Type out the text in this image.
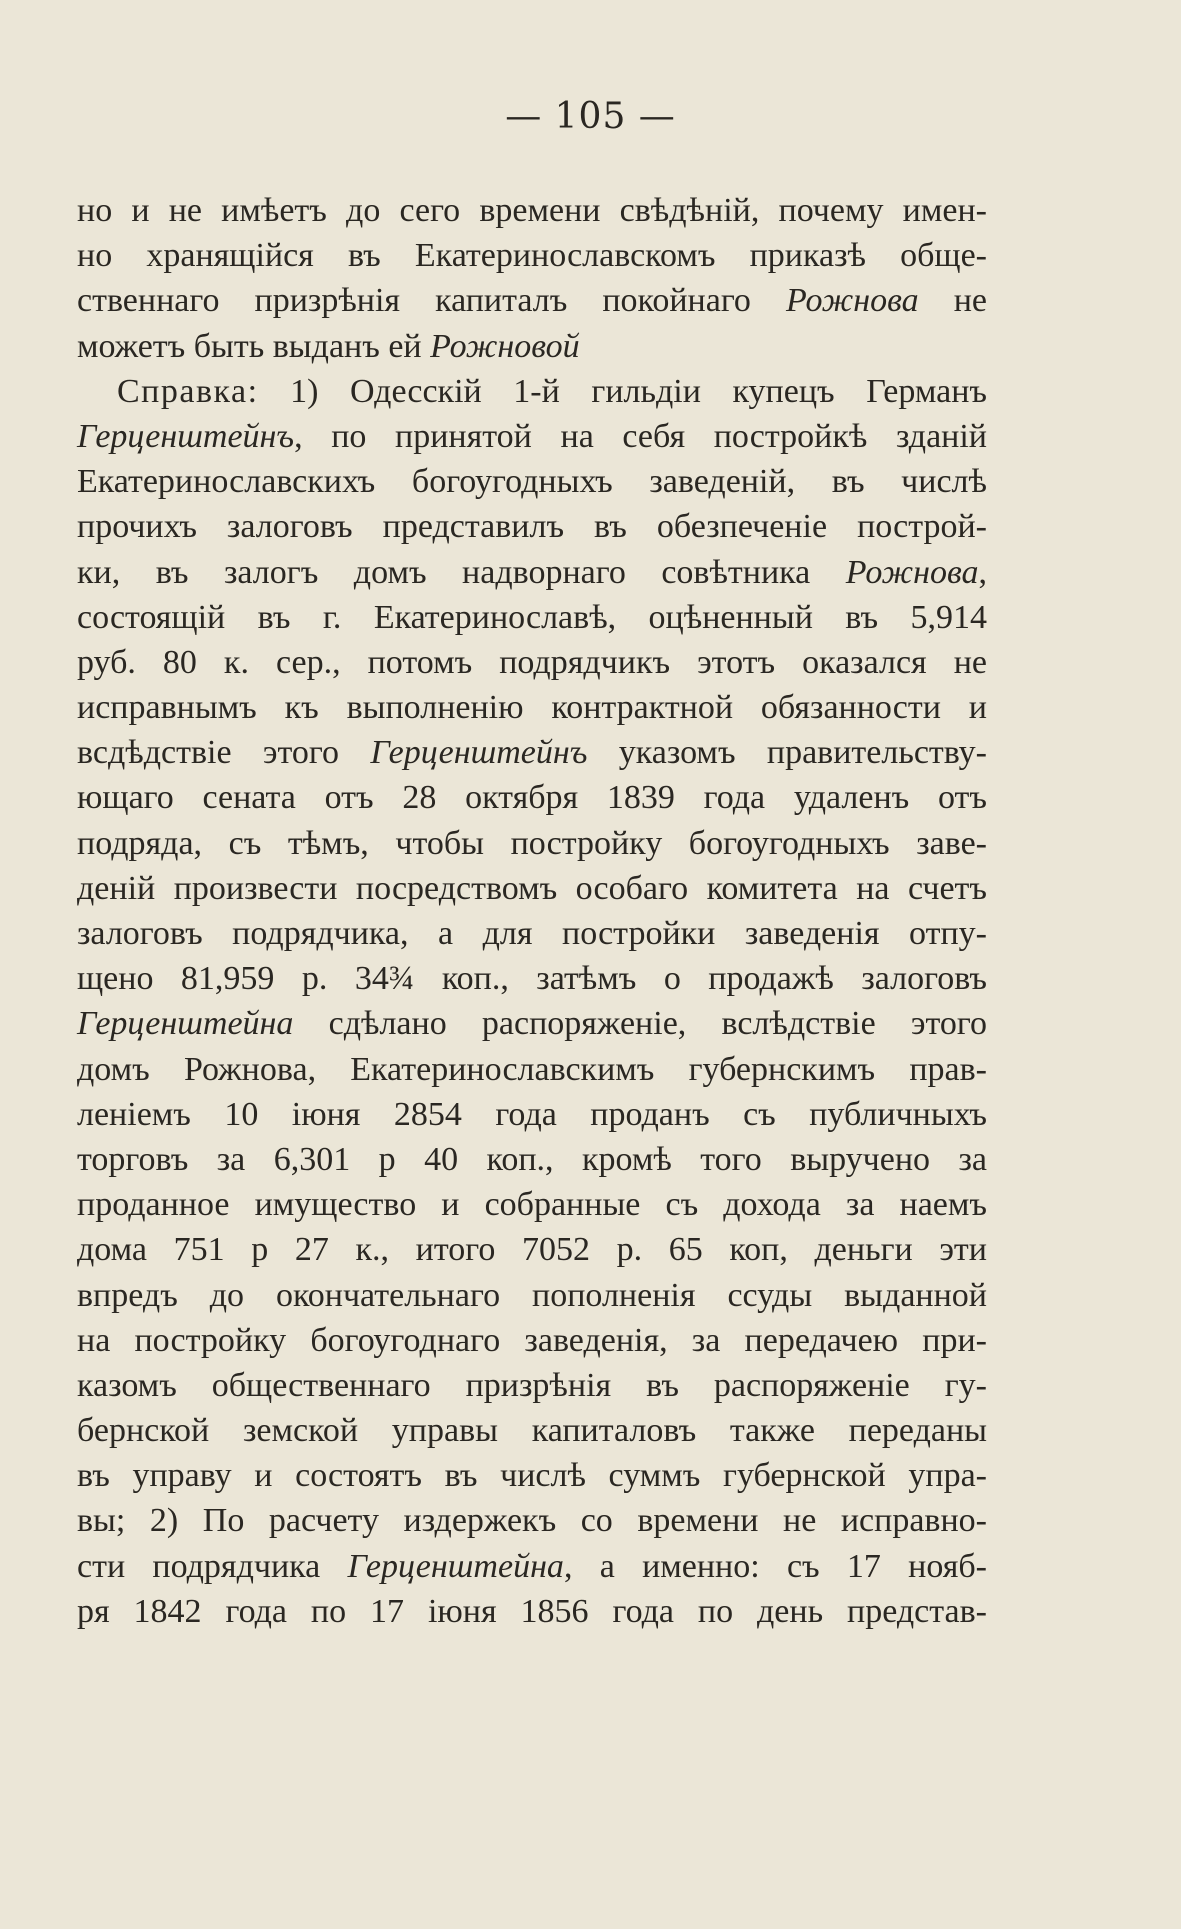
— 105 —
но и не имѣетъ до сего времени свѣдѣній, почему имен-
но хранящійся въ Екатеринославскомъ приказѣ обще-
ственнаго призрѣнія капиталъ покойнаго Рожнова не
можетъ быть выданъ ей Рожновой
Справка: 1) Одесскій 1-й гильдіи купецъ Германъ
Герценштейнъ, по принятой на себя постройкѣ зданій
Екатеринославскихъ богоугодныхъ заведеній, въ числѣ
прочихъ залоговъ представилъ въ обезпеченіе построй-
ки, въ залогъ домъ надворнаго совѣтника Рожнова,
состоящій въ г. Екатеринославѣ, оцѣненный въ 5,914
руб. 80 к. сер., потомъ подрядчикъ этотъ оказался не
исправнымъ къ выполненію контрактной обязанности и
всдѣдствіе этого Герценштейнъ указомъ правительству-
ющаго сената отъ 28 октября 1839 года удаленъ отъ
подряда, съ тѣмъ, чтобы постройку богоугодныхъ заве-
деній произвести посредствомъ особаго комитета на счетъ
залоговъ подрядчика, а для постройки заведенія отпу-
щено 81,959 р. 34¾ коп., затѣмъ о продажѣ залоговъ
Герценштейна сдѣлано распоряженіе, вслѣдствіе этого
домъ Рожнова, Екатеринославскимъ губернскимъ прав-
леніемъ 10 іюня 2854 года проданъ съ публичныхъ
торговъ за 6,301 р 40 коп., кромѣ того выручено за
проданное имущество и собранные съ дохода за наемъ
дома 751 р 27 к., итого 7052 р. 65 коп, деньги эти
впредъ до окончательнаго пополненія ссуды выданной
на постройку богоугоднаго заведенія, за передачею при-
казомъ общественнаго призрѣнія въ распоряженіе гу-
бернской земской управы капиталовъ также переданы
въ управу и состоятъ въ числѣ суммъ губернской упра-
вы; 2) По расчету издержекъ со времени не исправно-
сти подрядчика Герценштейна, а именно: съ 17 нояб-
ря 1842 года по 17 іюня 1856 года по день представ-
